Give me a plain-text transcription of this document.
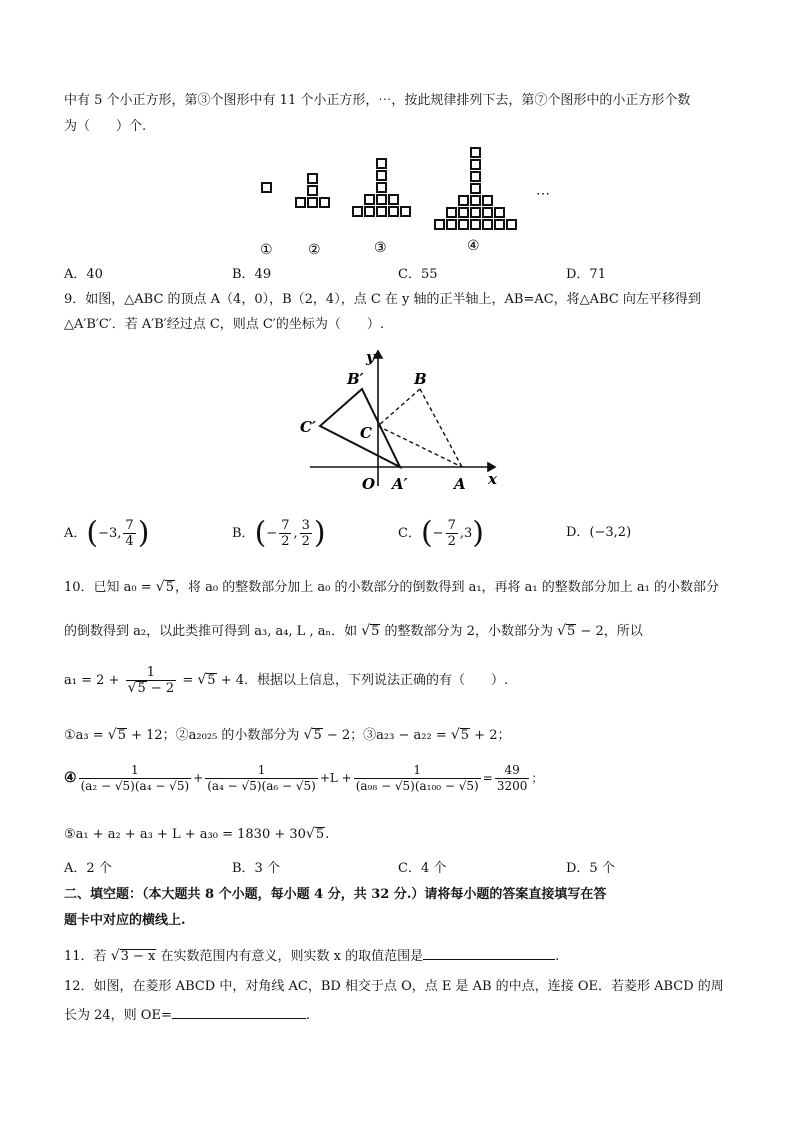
中有 5 个小正方形，第③个图形中有 11 个小正方形，⋯，按此规律排列下去，第⑦个图形中的小正方形个数
为（　　）个.
①	②	③	④
⋯
A．40	B．49	C．55	D．71
9．如图，△ABC 的顶点 A（4，0），B（2，4），点 C 在 y 轴的正半轴上，AB=AC，将△ABC 向左平移得到
△A′B′C′．若 A′B′经过点 C，则点 C′的坐标为（　　）.
y
x
O	A
A′
B
B′
C
C′
A．(−3, $\frac{7}{4}$ )	B．(− $\frac{7}{2}$ , $\frac{3}{2}$ )	C．(− $\frac{7}{2} ,3$)	D．(−3,2)
10．已知 a₀ = √5，将 a₀ 的整数部分加上 a₀ 的小数部分的倒数得到 a₁，再将 a₁ 的整数部分加上 a₁ 的小数部分
的倒数得到 a₂，以此类推可得到 a₃, a₄, L , aₙ．如 √5 的整数部分为 2，小数部分为 √5 − 2，所以
$a_1 = 2 + \frac{1}{√5 - 2} = √5 + 4$．根据以上信息，下列说法正确的有（　　）.
①a₃ = √5 + 12；②a₂₀₂₅ 的小数部分为 √5 − 2；③a₂₃ − a₂₂ = √5 + 2；
④ $\frac{1}{\text{(a₂ − √5)(a₄ − √5)}} + \frac{1}{\text{(a₄ − √5)(a₆ − √5)}} +L + \frac{1}{\text{(a₉₈ − √5)(a₁₀₀ − √5)}} = \frac{49}{3200}$ ；
⑤a₁ + a₂ + a₃ + L + a₃₀ = 1830 + 30√5.
A．2 个	B．3 个	C．4 个	D．5 个
二、填空题：（本大题共 8 个小题，每小题 4 分，共 32 分.）请将每小题的答案直接填写在答
题卡中对应的横线上.
11．若 √3 − x 在实数范围内有意义，则实数 x 的取值范围是	.
12．如图，在菱形 ABCD 中，对角线 AC，BD 相交于点 O，点 E 是 AB 的中点，连接 OE．若菱形 ABCD 的周
长为 24，则 OE=	.
